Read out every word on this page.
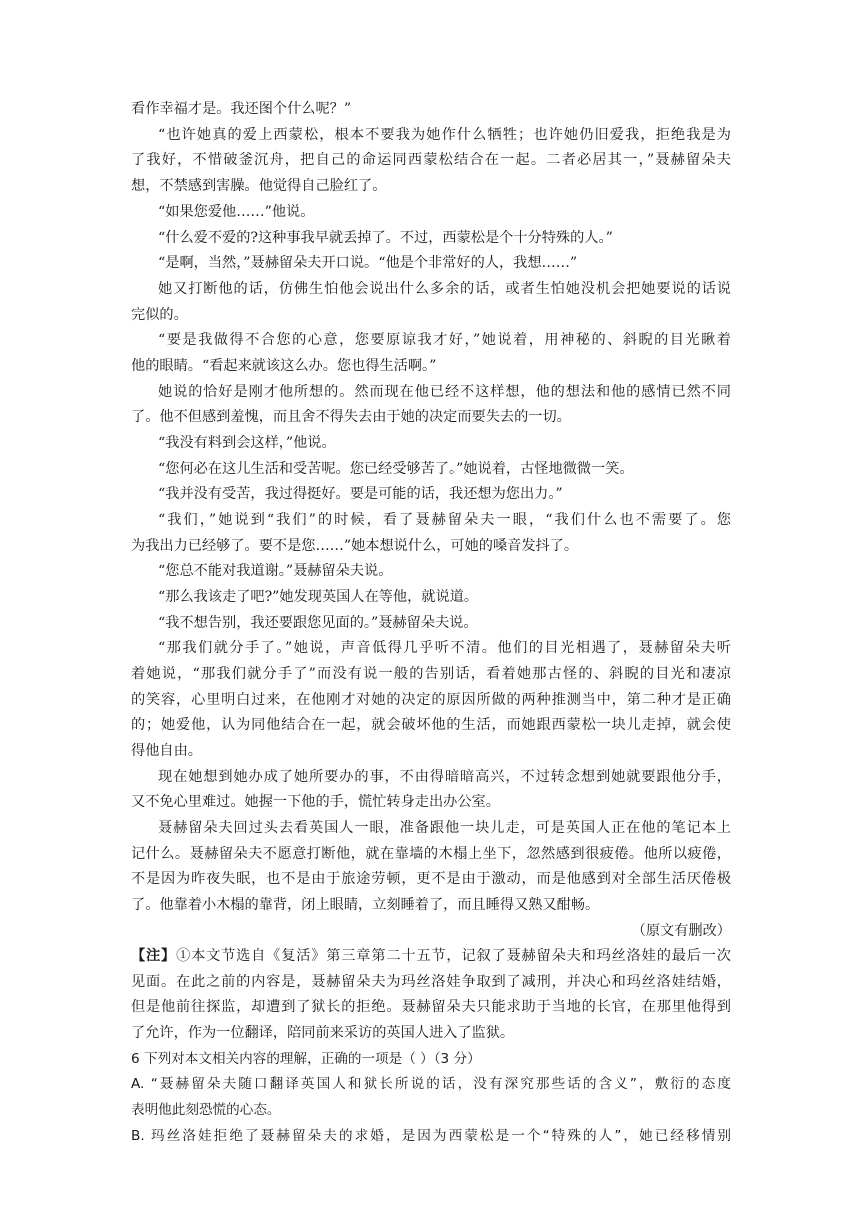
看作幸福才是。我还图个什么呢？”
“也许她真的爱上西蒙松，根本不要我为她作什么牺牲；也许她仍旧爱我，拒绝我是为
了我好，不惜破釜沉舟，把自己的命运同西蒙松结合在一起。二者必居其一，”聂赫留朵夫
想，不禁感到害臊。他觉得自己脸红了。
“如果您爱他……”他说。
“什么爱不爱的?这种事我早就丢掉了。不过，西蒙松是个十分特殊的人。”
“是啊，当然，”聂赫留朵夫开口说。“他是个非常好的人，我想……”
她又打断他的话，仿佛生怕他会说出什么多余的话，或者生怕她没机会把她要说的话说
完似的。
“要是我做得不合您的心意，您要原谅我才好，”她说着，用神秘的、斜睨的目光瞅着
他的眼睛。“看起来就该这么办。您也得生活啊。”
她说的恰好是刚才他所想的。然而现在他已经不这样想，他的想法和他的感情已然不同
了。他不但感到羞愧，而且舍不得失去由于她的决定而要失去的一切。
“我没有料到会这样，”他说。
“您何必在这儿生活和受苦呢。您已经受够苦了。”她说着，古怪地微微一笑。
“我并没有受苦，我过得挺好。要是可能的话，我还想为您出力。”
“我们，”她说到“我们”的时候，看了聂赫留朵夫一眼，“我们什么也不需要了。您
为我出力已经够了。要不是您……”她本想说什么，可她的嗓音发抖了。
“您总不能对我道谢。”聂赫留朵夫说。
“那么我该走了吧?”她发现英国人在等他，就说道。
“我不想告别，我还要跟您见面的。”聂赫留朵夫说。
“那我们就分手了。”她说，声音低得几乎听不清。他们的目光相遇了，聂赫留朵夫听
着她说，“那我们就分手了”而没有说一般的告别话，看着她那古怪的、斜睨的目光和凄凉
的笑容，心里明白过来，在他刚才对她的决定的原因所做的两种推测当中，第二种才是正确
的；她爱他，认为同他结合在一起，就会破坏他的生活，而她跟西蒙松一块儿走掉，就会使
得他自由。
现在她想到她办成了她所要办的事，不由得暗暗高兴，不过转念想到她就要跟他分手，
又不免心里难过。她握一下他的手，慌忙转身走出办公室。
聂赫留朵夫回过头去看英国人一眼，准备跟他一块儿走，可是英国人正在他的笔记本上
记什么。聂赫留朵夫不愿意打断他，就在靠墙的木榻上坐下，忽然感到很疲倦。他所以疲倦，
不是因为昨夜失眠，也不是由于旅途劳顿，更不是由于激动，而是他感到对全部生活厌倦极
了。他靠着小木榻的靠背，闭上眼睛，立刻睡着了，而且睡得又熟又酣畅。
（原文有删改）
【注】①本文节选自《复活》第三章第二十五节，记叙了聂赫留朵夫和玛丝洛娃的最后一次
见面。在此之前的内容是，聂赫留朵夫为玛丝洛娃争取到了减刑，并决心和玛丝洛娃结婚，
但是他前往探监，却遭到了狱长的拒绝。聂赫留朵夫只能求助于当地的长官，在那里他得到
了允许，作为一位翻译，陪同前来采访的英国人进入了监狱。
6 下列对本文相关内容的理解，正确的一项是（ ）（3 分）
A. “聂赫留朵夫随口翻译英国人和狱长所说的话，没有深究那些话的含义”，敷衍的态度
表明他此刻恐慌的心态。
B. 玛丝洛娃拒绝了聂赫留朵夫的求婚，是因为西蒙松是一个“特殊的人”，她已经移情别
